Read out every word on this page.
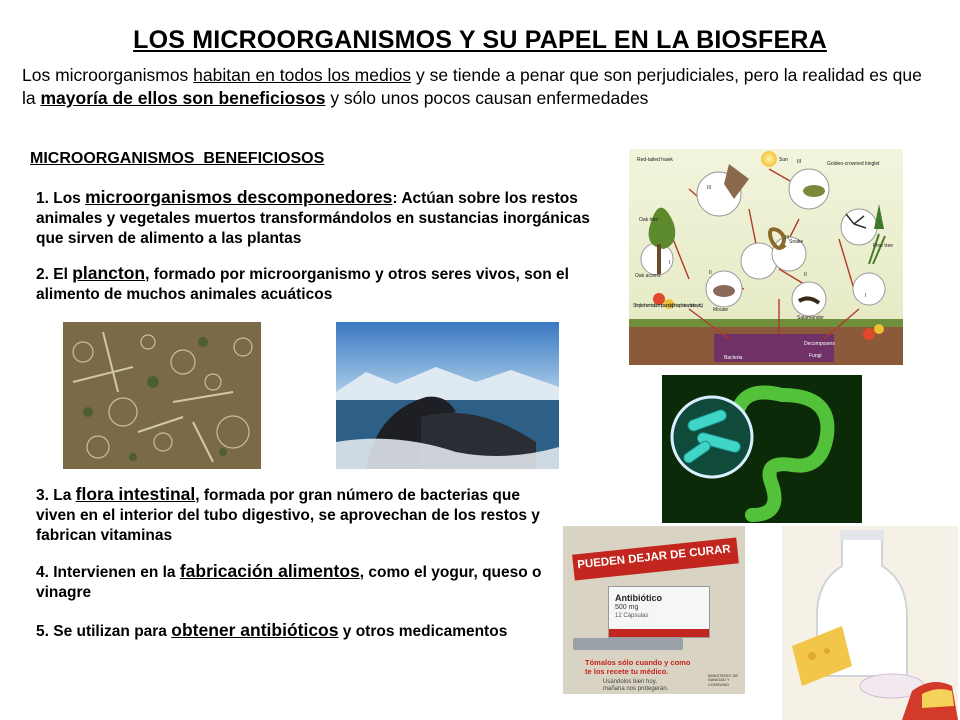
LOS MICROORGANISMOS Y SU PAPEL EN LA BIOSFERA
Los microorganismos habitan en todos los medios y se tiende a penar que son perjudiciales, pero la realidad es que la mayoría de ellos son beneficiosos y sólo unos pocos causan enfermedades
MICROORGANISMOS  BENEFICIOSOS
1. Los microorganismos descomponedores: Actúan sobre los restos animales y vegetales muertos transformándolos en sustancias inorgánicas que sirven de alimento a las plantas
2. El plancton, formado por microorganismo y otros seres vivos, son el alimento de muchos animales acuáticos
3. La flora intestinal, formada por gran número de bacterias que viven en el interior del tubo digestivo, se aprovechan de los restos y fabrican vitaminas
4. Intervienen en la fabricación alimentos, como el yogur, queso o vinagre
5. Se utilizan para obtener antibióticos y otros medicamentos
Red-tailed hawk	Sun
Golden-crowned kinglet
III
III
III
II
II
Oak tree
Pine tree
Oak acorns
Snake
Mouse
Salamander
Simple chemical compounds (phosphates, nitrates, etc.)
Decomposers
Bacteria	Fungi
I
I
PUEDEN DEJAR DE CURAR
Antibiótico
500 mg
12 Cápsulas
Tómalos sólo cuando y como
te los recete tu médico.
Usándolos bien hoy,
mañana nos protegerán.
MINISTERIO DE SANIDAD Y CONSUMO
